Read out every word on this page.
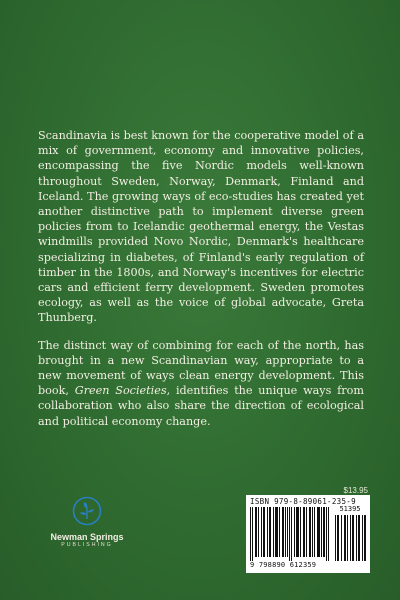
Scandinavia is best known for the cooperative model of a mix of government, economy and innovative policies, encompassing the five Nordic models well-known throughout Sweden, Norway, Denmark, Finland and Iceland. The growing ways of eco-studies has created yet another distinctive path to implement diverse green policies from to Icelandic geothermal energy, the Vestas windmills provided Novo Nordic, Denmark's healthcare specializing in diabetes, of Finland's early regulation of timber in the 1800s, and Norway's incentives for electric cars and efficient ferry development. Sweden promotes ecology, as well as the voice of global advocate, Greta Thunberg.

The distinct way of combining for each of the north, has brought in a new Scandinavian way, appropriate to a new movement of ways clean energy development. This book, Green Societies, identifies the unique ways from collaboration who also share the direction of ecological and political economy change.

$13.95
ISBN 979-8-89061-235-9
51395
9 798890 612359
Newman Springs
PUBLISHING
